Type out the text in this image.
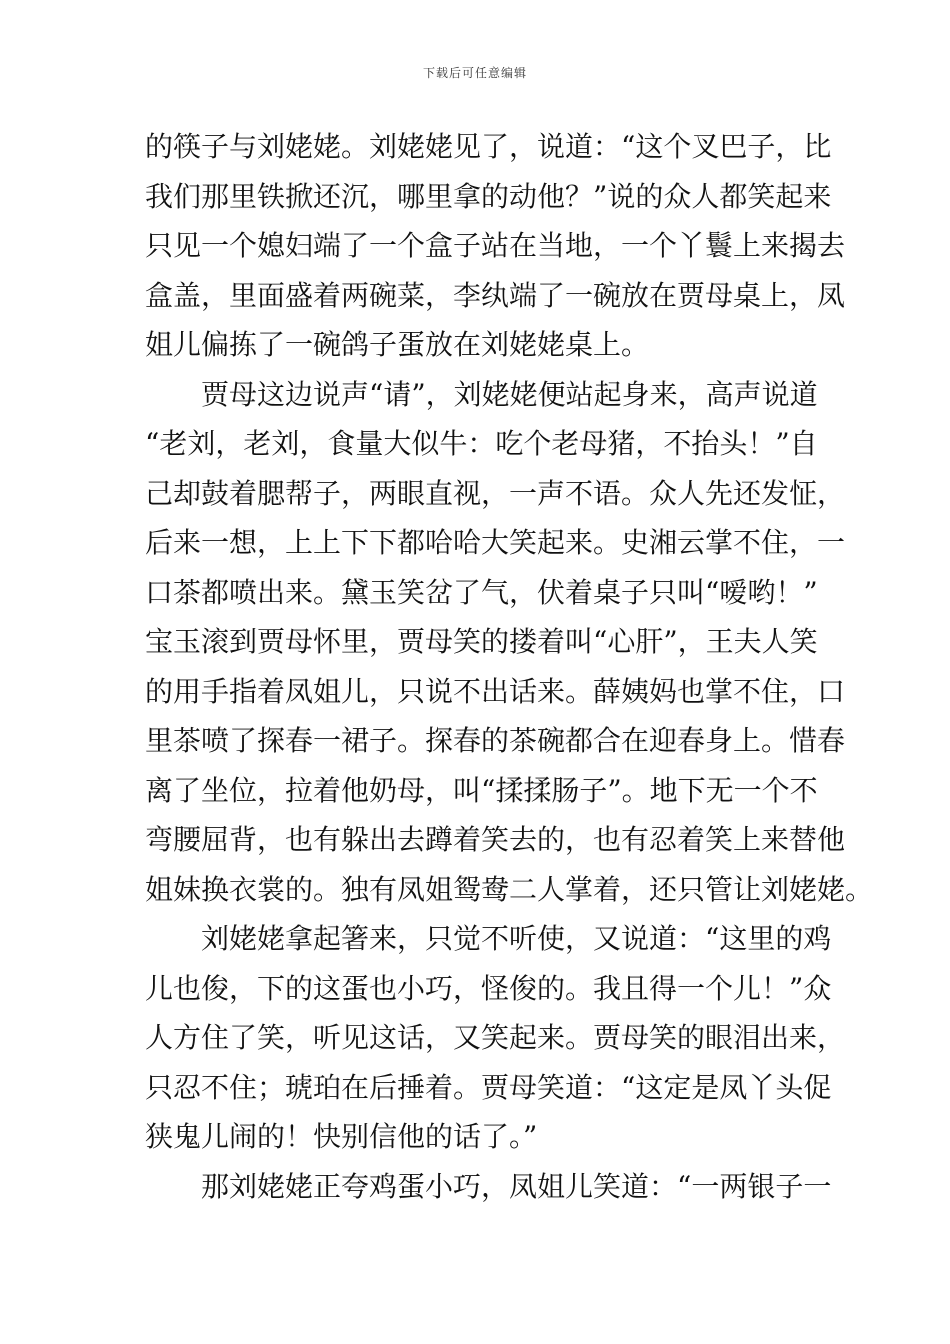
下载后可任意编辑
的筷子与刘姥姥。刘姥姥见了，说道：“这个叉巴子，比
我们那里铁掀还沉，哪里拿的动他？”说的众人都笑起来
只见一个媳妇端了一个盒子站在当地，一个丫鬟上来揭去
盒盖，里面盛着两碗菜，李纨端了一碗放在贾母桌上，凤
姐儿偏拣了一碗鸽子蛋放在刘姥姥桌上。
贾母这边说声“请”，刘姥姥便站起身来，高声说道
“老刘，老刘，食量大似牛：吃个老母猪，不抬头！”自
己却鼓着腮帮子，两眼直视，一声不语。众人先还发怔，
后来一想，上上下下都哈哈大笑起来。史湘云掌不住，一
口茶都喷出来。黛玉笑岔了气，伏着桌子只叫“嗳哟！”
宝玉滚到贾母怀里，贾母笑的搂着叫“心肝”，王夫人笑
的用手指着凤姐儿，只说不出话来。薛姨妈也掌不住，口
里茶喷了探春一裙子。探春的茶碗都合在迎春身上。惜春
离了坐位，拉着他奶母，叫“揉揉肠子”。地下无一个不
弯腰屈背，也有躲出去蹲着笑去的，也有忍着笑上来替他
姐妹换衣裳的。独有凤姐鸳鸯二人掌着，还只管让刘姥姥。
刘姥姥拿起箸来，只觉不听使，又说道：“这里的鸡
儿也俊，下的这蛋也小巧，怪俊的。我且得一个儿！”众
人方住了笑，听见这话，又笑起来。贾母笑的眼泪出来，
只忍不住；琥珀在后捶着。贾母笑道：“这定是凤丫头促
狭鬼儿闹的！快别信他的话了。”
那刘姥姥正夸鸡蛋小巧，凤姐儿笑道：“一两银子一
